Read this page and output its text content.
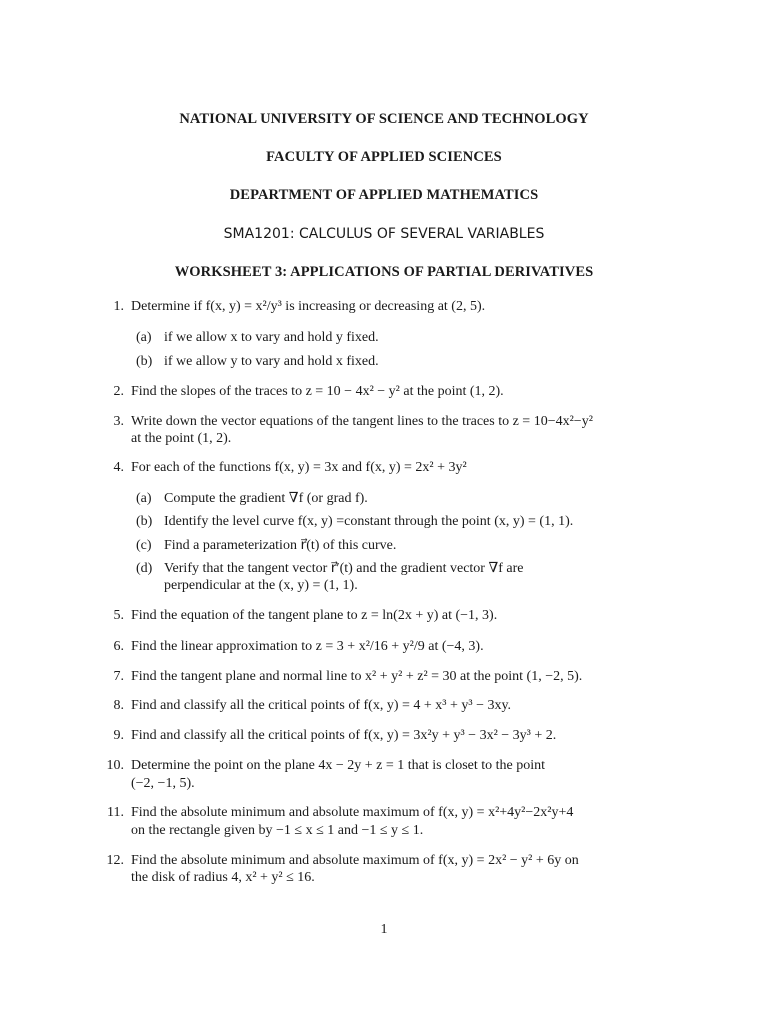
NATIONAL UNIVERSITY OF SCIENCE AND TECHNOLOGY
FACULTY OF APPLIED SCIENCES
DEPARTMENT OF APPLIED MATHEMATICS
SMA1201: CALCULUS OF SEVERAL VARIABLES
WORKSHEET 3: APPLICATIONS OF PARTIAL DERIVATIVES
1. Determine if f(x, y) = x²/y³ is increasing or decreasing at (2, 5).
(a) if we allow x to vary and hold y fixed.
(b) if we allow y to vary and hold x fixed.
2. Find the slopes of the traces to z = 10 − 4x² − y² at the point (1, 2).
3. Write down the vector equations of the tangent lines to the traces to z = 10−4x²−y²
at the point (1, 2).
4. For each of the functions f(x, y) = 3x and f(x, y) = 2x² + 3y²
(a) Compute the gradient ∇f (or grad f).
(b) Identify the level curve f(x, y) =constant through the point (x, y) = (1, 1).
(c) Find a parameterization r⃗(t) of this curve.
(d) Verify that the tangent vector r⃗′(t) and the gradient vector ∇f are
perpendicular at the (x, y) = (1, 1).
5. Find the equation of the tangent plane to z = ln(2x + y) at (−1, 3).
6. Find the linear approximation to z = 3 + x²/16 + y²/9 at (−4, 3).
7. Find the tangent plane and normal line to x² + y² + z² = 30 at the point (1, −2, 5).
8. Find and classify all the critical points of f(x, y) = 4 + x³ + y³ − 3xy.
9. Find and classify all the critical points of f(x, y) = 3x²y + y³ − 3x² − 3y³ + 2.
10. Determine the point on the plane 4x − 2y + z = 1 that is closet to the point
(−2, −1, 5).
11. Find the absolute minimum and absolute maximum of f(x, y) = x²+4y²−2x²y+4
on the rectangle given by −1 ≤ x ≤ 1 and −1 ≤ y ≤ 1.
12. Find the absolute minimum and absolute maximum of f(x, y) = 2x² − y² + 6y on
the disk of radius 4, x² + y² ≤ 16.
1
